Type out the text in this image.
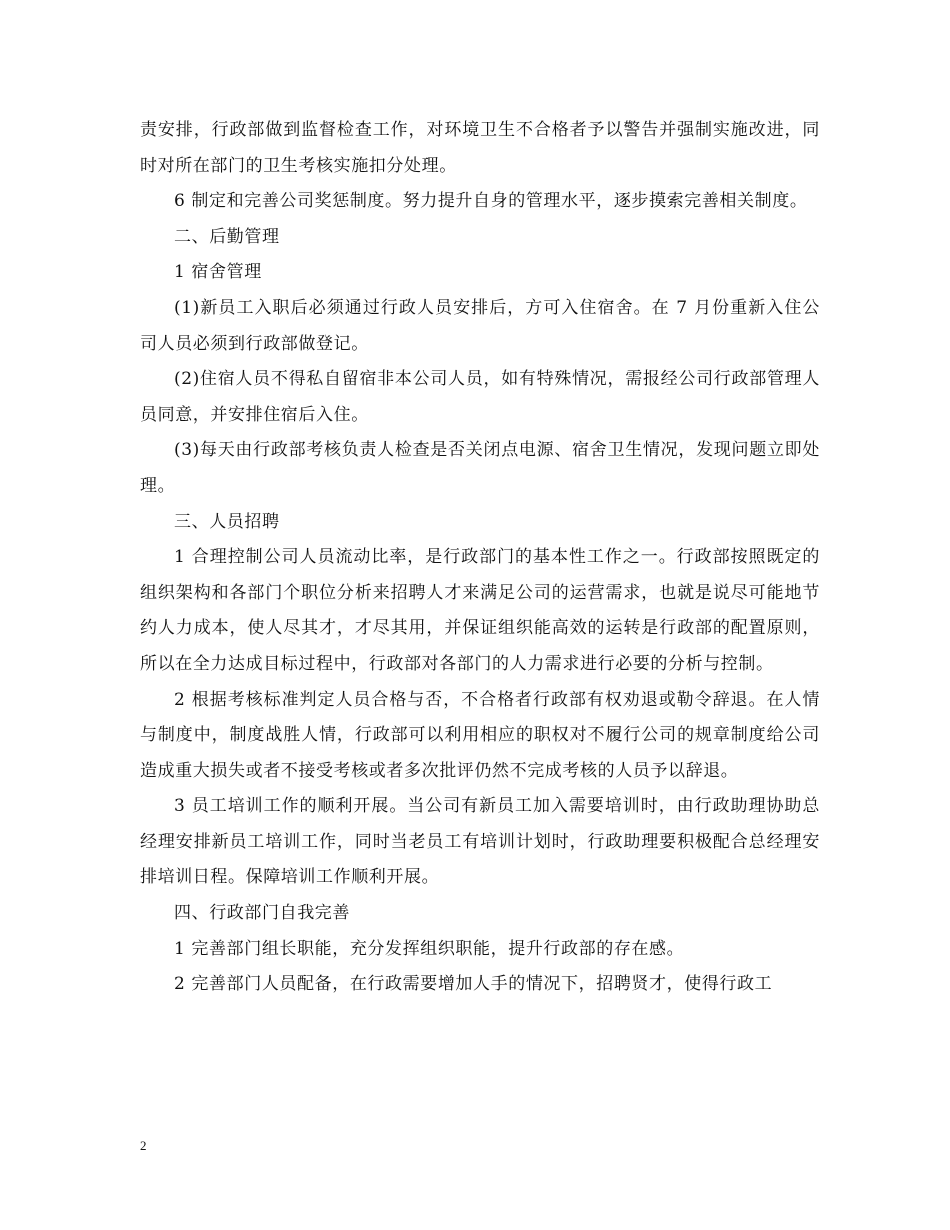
责安排，行政部做到监督检查工作，对环境卫生不合格者予以警告并强制实施改进，同时对所在部门的卫生考核实施扣分处理。

6 制定和完善公司奖惩制度。努力提升自身的管理水平，逐步摸索完善相关制度。

二、后勤管理

1 宿舍管理

(1)新员工入职后必须通过行政人员安排后，方可入住宿舍。在 7 月份重新入住公司人员必须到行政部做登记。

(2)住宿人员不得私自留宿非本公司人员，如有特殊情况，需报经公司行政部管理人员同意，并安排住宿后入住。

(3)每天由行政部考核负责人检查是否关闭点电源、宿舍卫生情况，发现问题立即处理。

三、人员招聘

1 合理控制公司人员流动比率，是行政部门的基本性工作之一。行政部按照既定的组织架构和各部门个职位分析来招聘人才来满足公司的运营需求，也就是说尽可能地节约人力成本，使人尽其才，才尽其用，并保证组织能高效的运转是行政部的配置原则，所以在全力达成目标过程中，行政部对各部门的人力需求进行必要的分析与控制。

2 根据考核标准判定人员合格与否，不合格者行政部有权劝退或勒令辞退。在人情与制度中，制度战胜人情，行政部可以利用相应的职权对不履行公司的规章制度给公司造成重大损失或者不接受考核或者多次批评仍然不完成考核的人员予以辞退。

3 员工培训工作的顺利开展。当公司有新员工加入需要培训时，由行政助理协助总经理安排新员工培训工作，同时当老员工有培训计划时，行政助理要积极配合总经理安排培训日程。保障培训工作顺利开展。

四、行政部门自我完善

1 完善部门组长职能，充分发挥组织职能，提升行政部的存在感。

2 完善部门人员配备，在行政需要增加人手的情况下，招聘贤才，使得行政工

2
